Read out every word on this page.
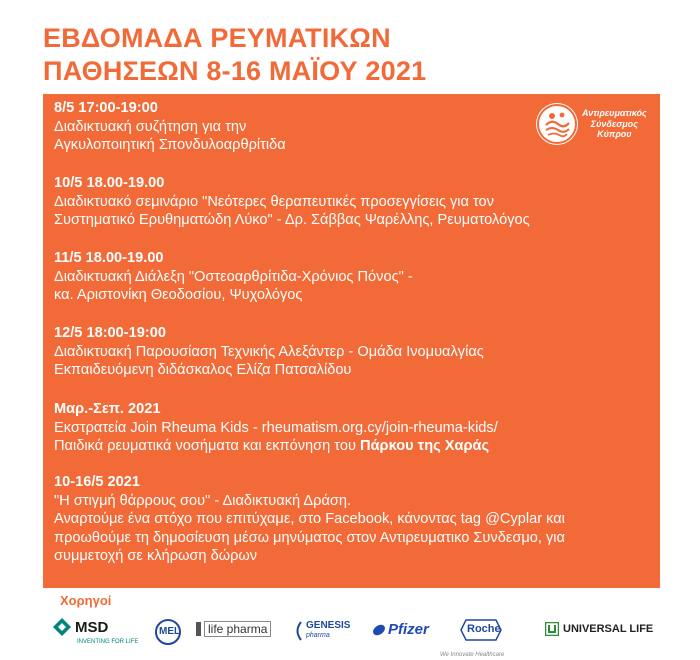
ΕΒΔΟΜΑΔΑ ΡΕΥΜΑΤΙΚΩΝ
ΠΑΘΗΣΕΩΝ 8-16 ΜΑΪΟΥ 2021
Αντιρευματικός
Σύνδεσμος
Κύπρου
8/5 17:00-19:00
Διαδικτυακή συζήτηση για την
Αγκυλοποιητική Σπονδυλοαρθρίτιδα
10/5 18.00-19.00
Διαδικτυακό σεμινάριο "Νεότερες θεραπευτικές προσεγγίσεις για τον
Συστηματικό Ερυθηματώδη Λύκο" - Δρ. Σάββας Ψαρέλλης, Ρευματολόγος
11/5 18.00-19.00
Διαδικτυακή Διάλεξη "Οστεοαρθρίτιδα-Χρόνιος Πόνος" -
κα. Αριστονίκη Θεοδοσίου, Ψυχολόγος
12/5 18:00-19:00
Διαδικτυακή Παρουσίαση Τεχνικής Αλεξάντερ - Ομάδα Ινομυαλγίας
Εκπαιδευόμενη διδάσκαλος Ελίζα Πατσαλίδου
Μαρ.-Σεπ. 2021
Εκστρατεία Join Rheuma Kids - rheumatism.org.cy/join-rheuma-kids/
Παιδικά ρευματικά νοσήματα και εκπόνηση του Πάρκου της Χαράς
10-16/5 2021
"Η στιγμή θάρρους σου" - Διαδικτυακή Δράση.
Αναρτούμε ένα στόχο που επιτύχαμε, στο Facebook, κάνοντας tag @Cyplar και
προωθούμε τη δημοσίευση μέσω μηνύματος στον Αντιρευματικο Συνδεσμο, για
συμμετοχή σε κλήρωση δώρων
Χορηγοί
MSD
INVENTING FOR LIFE
MEL	life pharma	GENESIS
pharma	Pfizer	Roche
We Innovate Healthcare
UNIVERSAL LIFE
